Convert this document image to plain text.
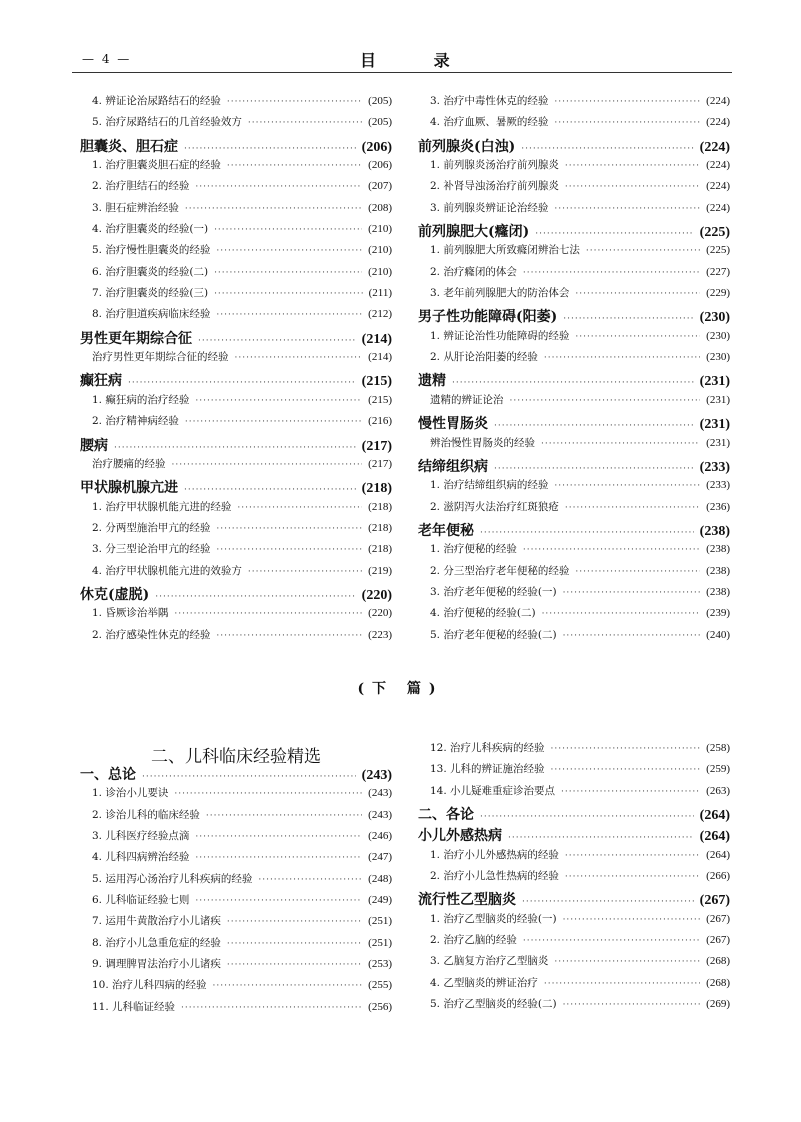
— 4 —	目 录
4. 辨证论治尿路结石的经验 ·····	(205)
5. 治疗尿路结石的几首经验效方 ·····	(205)
胆囊炎、胆石症 ·····	(206)
1. 治疗胆囊炎胆石症的经验 ·····	(206)
2. 治疗胆结石的经验 ·····	(207)
3. 胆石症辨治经验 ·····	(208)
4. 治疗胆囊炎的经验(一) ·····	(210)
5. 治疗慢性胆囊炎的经验 ·····	(210)
6. 治疗胆囊炎的经验(二) ·····	(210)
7. 治疗胆囊炎的经验(三) ·····	(211)
8. 治疗胆道疾病临床经验 ·····	(212)
男性更年期综合征 ·····	(214)
治疗男性更年期综合征的经验 ·····	(214)
癫狂病 ·····	(215)
1. 癫狂病的治疗经验 ·····	(215)
2. 治疗精神病经验 ·····	(216)
腰病 ·····	(217)
治疗腰痛的经验 ·····	(217)
甲状腺机腺亢进 ·····	(218)
1. 治疗甲状腺机能亢进的经验 ·····	(218)
2. 分两型施治甲亢的经验 ·····	(218)
3. 分三型论治甲亢的经验 ·····	(218)
4. 治疗甲状腺机能亢进的效验方 ·····	(219)
休克(虚脱) ·····	(220)
1. 昏厥诊治举隅 ·····	(220)
2. 治疗感染性休克的经验 ·····	(223)
3. 治疗中毒性休克的经验 ·····	(224)
4. 治疗血厥、暑厥的经验 ·····	(224)
前列腺炎(白浊) ·····	(224)
1. 前列腺炎汤治疗前列腺炎 ·····	(224)
2. 补肾导浊汤治疗前列腺炎 ·····	(224)
3. 前列腺炎辨证论治经验 ·····	(224)
前列腺肥大(癃闭) ·····	(225)
1. 前列腺肥大所致癃闭辨治七法 ·····	(225)
2. 治疗癃闭的体会 ·····	(227)
3. 老年前列腺肥大的防治体会 ·····	(229)
男子性功能障碍(阳萎) ·····	(230)
1. 辨证论治性功能障碍的经验 ·····	(230)
2. 从肝论治阳萎的经验 ·····	(230)
遗精 ·····	(231)
遗精的辨证论治 ·····	(231)
慢性胃肠炎 ·····	(231)
辨治慢性胃肠炎的经验 ·····	(231)
结缔组织病 ·····	(233)
1. 治疗结缔组织病的经验 ·····	(233)
2. 滋阴泻火法治疗红斑狼疮 ·····	(236)
老年便秘 ·····	(238)
1. 治疗便秘的经验 ·····	(238)
2. 分三型治疗老年便秘的经验 ·····	(238)
3. 治疗老年便秘的经验(一) ·····	(238)
4. 治疗便秘的经验(二) ·····	(239)
5. 治疗老年便秘的经验(二) ·····	(240)
(下 篇)
二、儿科临床经验精选
一、总论 ·····	(243)
1. 诊治小儿要诀 ·····	(243)
2. 诊治儿科的临床经验 ·····	(243)
3. 儿科医疗经验点滴 ·····	(246)
4. 儿科四病辨治经验 ·····	(247)
5. 运用泻心汤治疗儿科疾病的经验 ·····	(248)
6. 儿科临证经验七则 ·····	(249)
7. 运用牛黄散治疗小儿诸疾 ·····	(251)
8. 治疗小儿急重危症的经验 ·····	(251)
9. 调理脾胃法治疗小儿诸疾 ·····	(253)
10. 治疗儿科四病的经验 ·····	(255)
11. 儿科临证经验 ·····	(256)
12. 治疗儿科疾病的经验 ·····	(258)
13. 儿科的辨证施治经验 ·····	(259)
14. 小儿疑难重症诊治要点 ·····	(263)
二、各论 ·····	(264)
小儿外感热病 ·····	(264)
1. 治疗小儿外感热病的经验 ·····	(264)
2. 治疗小儿急性热病的经验 ·····	(266)
流行性乙型脑炎 ·····	(267)
1. 治疗乙型脑炎的经验(一) ·····	(267)
2. 治疗乙脑的经验 ·····	(267)
3. 乙脑复方治疗乙型脑炎 ·····	(268)
4. 乙型脑炎的辨证治疗 ·····	(268)
5. 治疗乙型脑炎的经验(二) ·····	(269)
